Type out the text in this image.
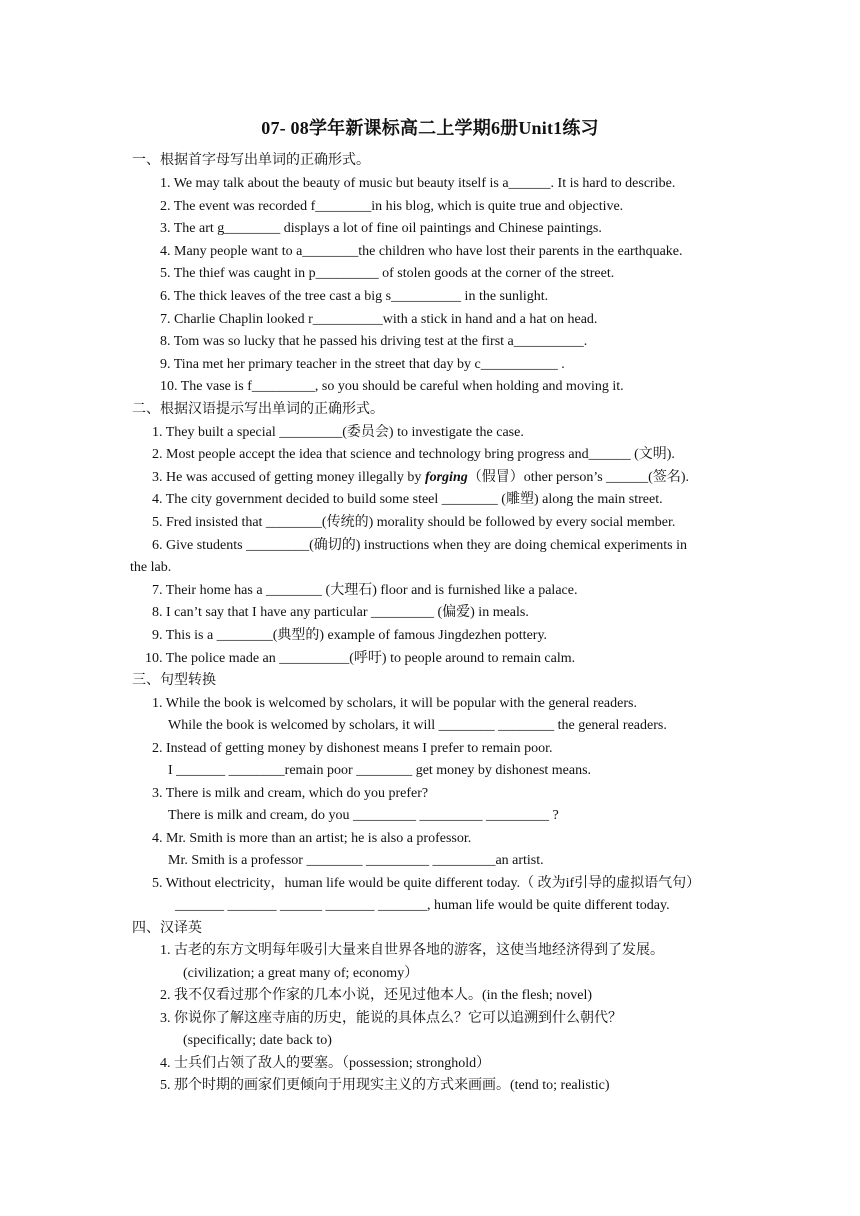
07- 08学年新课标高二上学期6册Unit1练习
一、根据首字母写出单词的正确形式。
1. We may talk about the beauty of music but beauty itself is a______. It is hard to describe.
2. The event was recorded f________in his blog, which is quite true and objective.
3. The art g________ displays a lot of fine oil paintings and Chinese paintings.
4. Many people want to a________the children who have lost their parents in the earthquake.
5. The thief was caught in p_________ of stolen goods at the corner of the street.
6. The thick leaves of the tree cast a big s__________ in the sunlight.
7. Charlie Chaplin looked r__________with a stick in hand and a hat on head.
8. Tom was so lucky that he passed his driving test at the first a__________.
9. Tina met her primary teacher in the street that day by c___________ .
10. The vase is f_________, so you should be careful when holding and moving it.
二、根据汉语提示写出单词的正确形式。
1. They built a special _________(委员会) to investigate the case.
2. Most people accept the idea that science and technology bring progress and______ (文明).
3. He was accused of getting money illegally by forging（假冒）other person’s ______(签名).
4. The city government decided to build some steel ________ (雕塑) along the main street.
5. Fred insisted that ________(传统的) morality should be followed by every social member.
6. Give students _________(确切的) instructions when they are doing chemical experiments in
the lab.
7. Their home has a ________ (大理石) floor and is furnished like a palace.
8. I can’t say that I have any particular _________ (偏爱) in meals.
9. This is a ________(典型的) example of famous Jingdezhen pottery.
10. The police made an __________(呼吁) to people around to remain calm.
三、句型转换
1. While the book is welcomed by scholars, it will be popular with the general readers.
While the book is welcomed by scholars, it will ________ ________ the general readers.
2. Instead of getting money by dishonest means I prefer to remain poor.
I _______ ________remain poor ________ get money by dishonest means.
3. There is milk and cream, which do you prefer?
There is milk and cream, do you _________ _________ _________ ?
4. Mr. Smith is more than an artist; he is also a professor.
Mr. Smith is a professor ________ _________ _________an artist.
5. Without electricity，human life would be quite different today.（ 改为if引导的虚拟语气句）
_______ _______ ______ _______ _______, human life would be quite different today.
四、汉译英
1. 古老的东方文明每年吸引大量来自世界各地的游客，这使当地经济得到了发展。
(civilization; a great many of; economy）
2. 我不仅看过那个作家的几本小说，还见过他本人。(in the flesh; novel)
3. 你说你了解这座寺庙的历史，能说的具体点么？它可以追溯到什么朝代？
(specifically; date back to)
4. 士兵们占领了敌人的要塞。（possession; stronghold）
5. 那个时期的画家们更倾向于用现实主义的方式来画画。(tend to; realistic)
